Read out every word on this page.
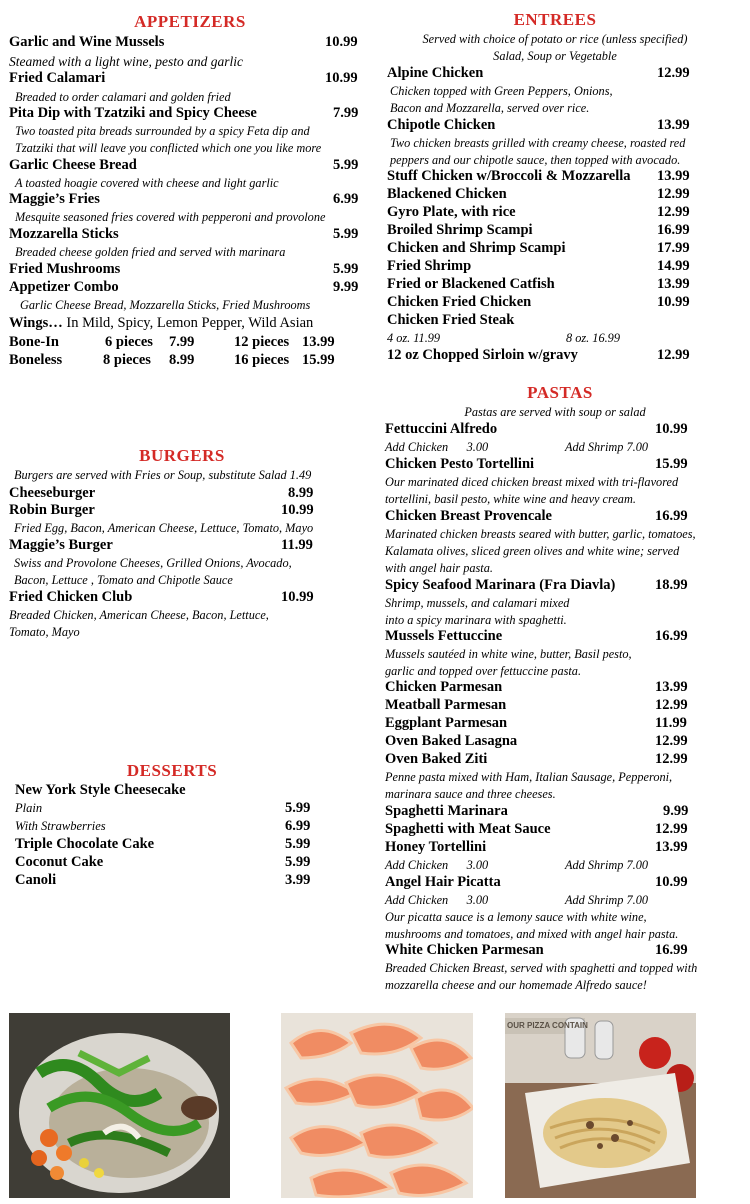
APPETIZERS
Garlic and Wine Mussels	10.99
Steamed with a light wine, pesto and garlic
Fried Calamari	10.99
Breaded to order calamari and golden fried
Pita Dip with Tzatziki and Spicy Cheese	7.99
Two toasted pita breads surrounded by a spicy Feta dip and
Tzatziki that will leave you conflicted which one you like more
Garlic Cheese Bread	5.99
A toasted hoagie covered with cheese and light garlic
Maggie’s Fries	6.99
Mesquite seasoned fries covered with pepperoni and provolone
Mozzarella Sticks	5.99
Breaded cheese golden fried and served with marinara
Fried Mushrooms	5.99
Appetizer Combo	9.99
Garlic Cheese Bread, Mozzarella Sticks, Fried Mushrooms
Wings… In Mild, Spicy, Lemon Pepper, Wild Asian
Bone-In	6 pieces 7.99	12 pieces 13.99
Boneless	8 pieces 8.99	16 pieces 15.99
BURGERS
Burgers are served with Fries or Soup, substitute Salad 1.49
Cheeseburger	8.99
Robin Burger	10.99
Fried Egg, Bacon, American Cheese, Lettuce, Tomato, Mayo
Maggie’s Burger	11.99
Swiss and Provolone Cheeses, Grilled Onions, Avocado,
Bacon, Lettuce , Tomato and Chipotle Sauce
Fried Chicken Club	10.99
Breaded Chicken, American Cheese, Bacon, Lettuce,
Tomato, Mayo
DESSERTS
New York Style Cheesecake
Plain	5.99
With Strawberries	6.99
Triple Chocolate Cake	5.99
Coconut Cake	5.99
Canoli	3.99
ENTREES
Served with choice of potato or rice (unless specified)
Salad, Soup or Vegetable
Alpine Chicken	12.99
Chicken topped with Green Peppers, Onions,
Bacon and Mozzarella, served over rice.
Chipotle Chicken	13.99
Two chicken breasts grilled with creamy cheese, roasted red
peppers and our chipotle sauce, then topped with avocado.
Stuff Chicken w/Broccoli & Mozzarella 13.99
Blackened Chicken	12.99
Gyro Plate, with rice	12.99
Broiled Shrimp Scampi	16.99
Chicken and Shrimp Scampi	17.99
Fried Shrimp	14.99
Fried or Blackened Catfish	13.99
Chicken Fried Chicken	10.99
Chicken Fried Steak
4 oz. 11.99	8 oz. 16.99
12 oz Chopped Sirloin w/gravy	12.99
PASTAS
Pastas are served with soup or salad
Fettuccini Alfredo	10.99
Add Chicken      3.00	Add Shrimp 7.00
Chicken Pesto Tortellini	15.99
Our marinated diced chicken breast mixed with tri-flavored
tortellini, basil pesto, white wine and heavy cream.
Chicken Breast Provencale	16.99
Marinated chicken breasts seared with butter, garlic, tomatoes,
Kalamata olives, sliced green olives and white wine; served
with angel hair pasta.
Spicy Seafood Marinara (Fra Diavla)	18.99
Shrimp, mussels, and calamari mixed
into a spicy marinara with spaghetti.
Mussels Fettuccine	16.99
Mussels sautéed in white wine, butter, Basil pesto,
garlic and topped over fettuccine pasta.
Chicken Parmesan	13.99
Meatball Parmesan	12.99
Eggplant Parmesan	11.99
Oven Baked Lasagna	12.99
Oven Baked Ziti	12.99
Penne pasta mixed with Ham, Italian Sausage, Pepperoni,
marinara sauce and three cheeses.
Spaghetti Marinara	9.99
Spaghetti with Meat Sauce	12.99
Honey Tortellini	13.99
Add Chicken      3.00	Add Shrimp 7.00
Angel Hair Picatta	10.99
Add Chicken      3.00	Add Shrimp 7.00
Our picatta sauce is a lemony sauce with white wine,
mushrooms and tomatoes, and mixed with angel hair pasta.
White Chicken Parmesan	16.99
Breaded Chicken Breast, served with spaghetti and topped with
mozzarella cheese and our homemade Alfredo sauce!
OUR PIZZA CONTAIN
